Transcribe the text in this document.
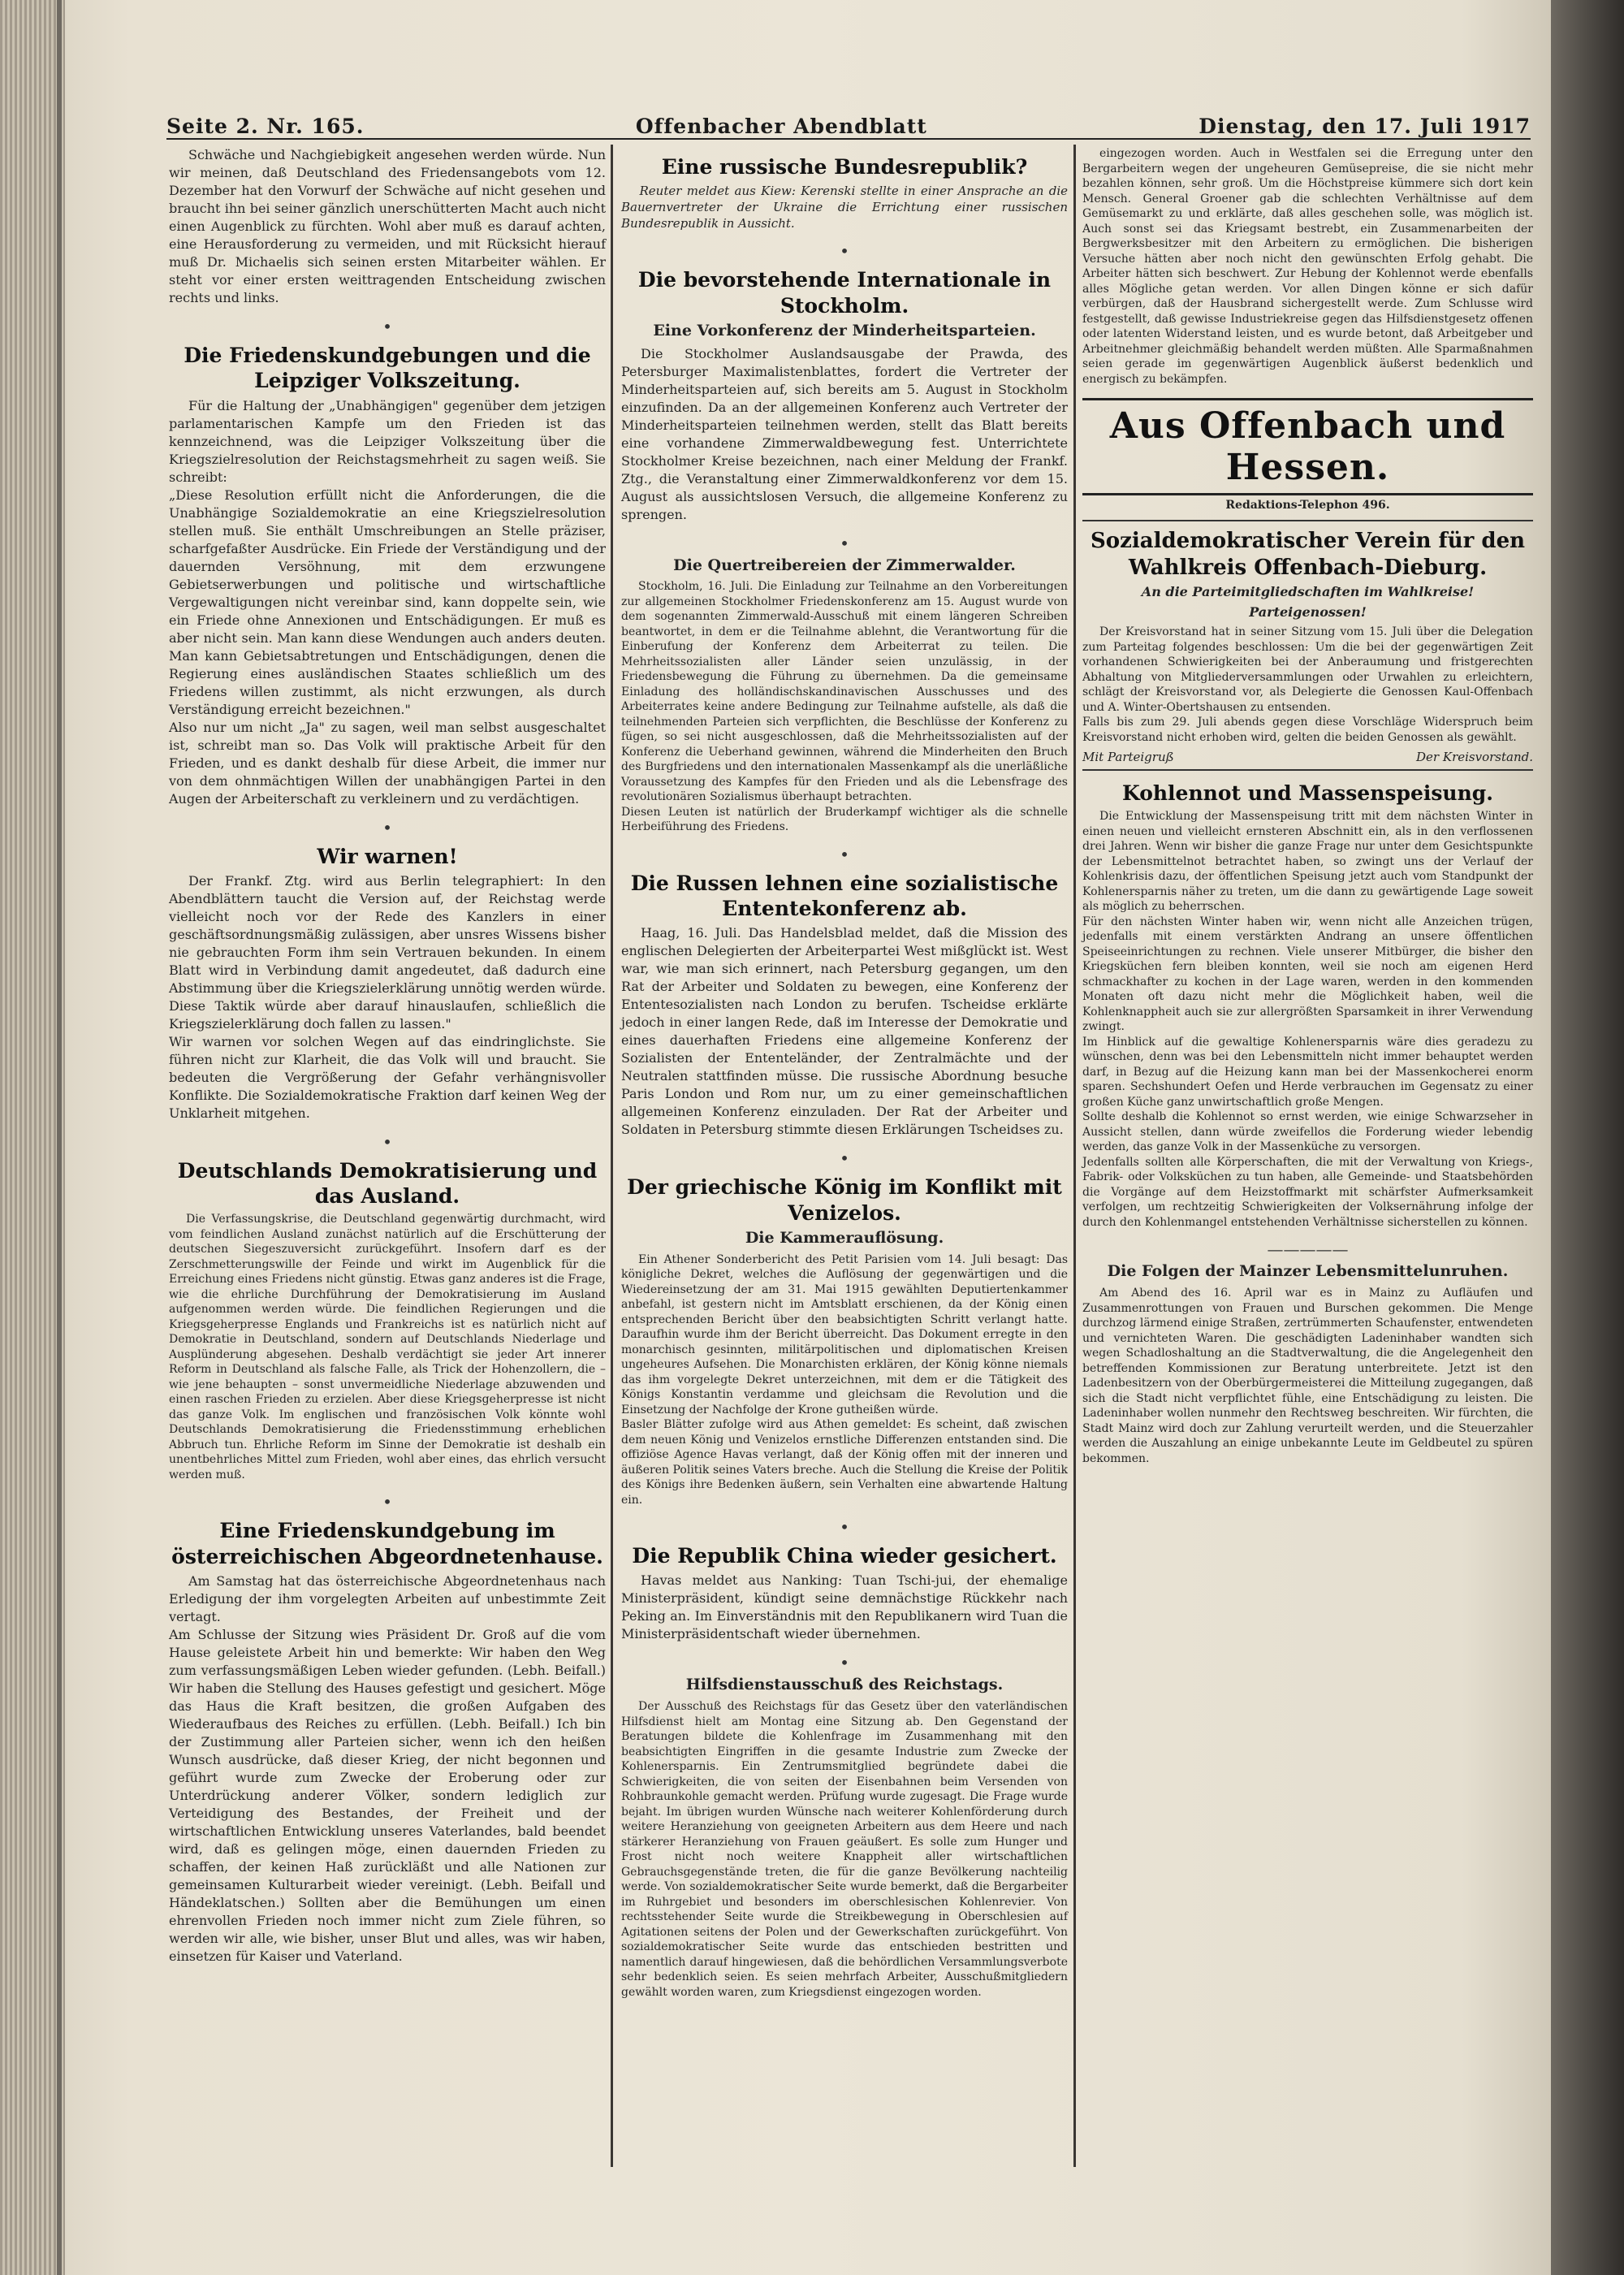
Seite 2. Nr. 165.	Offenbacher Abendblatt	Dienstag, den 17. Juli 1917

Schwäche und Nachgiebigkeit angesehen werden würde. Nun wir meinen, daß Deutschland des Friedensangebots vom 12. Dezember hat den Vorwurf der Schwäche auf nicht gesehen und braucht ihn bei seiner gänzlich unerschütterten Macht auch nicht einen Augenblick zu fürchten. Wohl aber muß es darauf achten, eine Herausforderung zu vermeiden, und mit Rücksicht hierauf muß Dr. Michaelis sich seinen ersten Mitarbeiter wählen. Er steht vor einer ersten weittragenden Entscheidung zwischen rechts und links.

•
Die Friedenskundgebungen und die Leipziger Volkszeitung.

Für die Haltung der „Unabhängigen" gegenüber dem jetzigen parlamentarischen Kampfe um den Frieden ist das kennzeichnend, was die Leipziger Volkszeitung über die Kriegszielresolution der Reichstagsmehrheit zu sagen weiß. Sie schreibt:
„Diese Resolution erfüllt nicht die Anforderungen, die die Unabhängige Sozialdemokratie an eine Kriegszielresolution stellen muß. Sie enthält Umschreibungen an Stelle präziser, scharfgefaßter Ausdrücke. Ein Friede der Verständigung und der dauernden Versöhnung, mit dem erzwungene Gebietserwerbungen und politische und wirtschaftliche Vergewaltigungen nicht vereinbar sind, kann doppelte sein, wie ein Friede ohne Annexionen und Entschädigungen. Er muß es aber nicht sein. Man kann diese Wendungen auch anders deuten. Man kann Gebietsabtretungen und Entschädigungen, denen die Regierung eines ausländischen Staates schließlich um des Friedens willen zustimmt, als nicht erzwungen, als durch Verständigung erreicht bezeichnen."
Also nur um nicht „Ja" zu sagen, weil man selbst ausgeschaltet ist, schreibt man so. Das Volk will praktische Arbeit für den Frieden, und es dankt deshalb für diese Arbeit, die immer nur von dem ohnmächtigen Willen der unabhängigen Partei in den Augen der Arbeiterschaft zu verkleinern und zu verdächtigen.

•
Wir warnen!

Der Frankf. Ztg. wird aus Berlin telegraphiert: In den Abendblättern taucht die Version auf, der Reichstag werde vielleicht noch vor der Rede des Kanzlers in einer geschäftsordnungsmäßig zulässigen, aber unsres Wissens bisher nie gebrauchten Form ihm sein Vertrauen bekunden. In einem Blatt wird in Verbindung damit angedeutet, daß dadurch eine Abstimmung über die Kriegszielerklärung unnötig werden würde. Diese Taktik würde aber darauf hinauslaufen, schließlich die Kriegszielerklärung doch fallen zu lassen."
Wir warnen vor solchen Wegen auf das eindringlichste. Sie führen nicht zur Klarheit, die das Volk will und braucht. Sie bedeuten die Vergrößerung der Gefahr verhängnisvoller Konflikte. Die Sozialdemokratische Fraktion darf keinen Weg der Unklarheit mitgehen.

•
Deutschlands Demokratisierung und das Ausland.

Die Verfassungskrise, die Deutschland gegenwärtig durchmacht, wird vom feindlichen Ausland zunächst natürlich auf die Erschütterung der deutschen Siegeszuversicht zurückgeführt. Insofern darf es der Zerschmetterungswille der Feinde und wirkt im Augenblick für die Erreichung eines Friedens nicht günstig. Etwas ganz anderes ist die Frage, wie die ehrliche Durchführung der Demokratisierung im Ausland aufgenommen werden würde. Die feindlichen Regierungen und die Kriegsgeherpresse Englands und Frankreichs ist es natürlich nicht auf Demokratie in Deutschland, sondern auf Deutschlands Niederlage und Ausplünderung abgesehen. Deshalb verdächtigt sie jeder Art innerer Reform in Deutschland als falsche Falle, als Trick der Hohenzollern, die – wie jene behaupten – sonst unvermeidliche Niederlage abzuwenden und einen raschen Frieden zu erzielen. Aber diese Kriegsgeherpresse ist nicht das ganze Volk. Im englischen und französischen Volk könnte wohl Deutschlands Demokratisierung die Friedensstimmung erheblichen Abbruch tun. Ehrliche Reform im Sinne der Demokratie ist deshalb ein unentbehrliches Mittel zum Frieden, wohl aber eines, das ehrlich versucht werden muß.

•
Eine Friedenskundgebung im österreichischen Abgeordnetenhause.

Am Samstag hat das österreichische Abgeordnetenhaus nach Erledigung der ihm vorgelegten Arbeiten auf unbestimmte Zeit vertagt.
Am Schlusse der Sitzung wies Präsident Dr. Groß auf die vom Hause geleistete Arbeit hin und bemerkte: Wir haben den Weg zum verfassungsmäßigen Leben wieder gefunden. (Lebh. Beifall.) Wir haben die Stellung des Hauses gefestigt und gesichert. Möge das Haus die Kraft besitzen, die großen Aufgaben des Wiederaufbaus des Reiches zu erfüllen. (Lebh. Beifall.) Ich bin der Zustimmung aller Parteien sicher, wenn ich den heißen Wunsch ausdrücke, daß dieser Krieg, der nicht begonnen und geführt wurde zum Zwecke der Eroberung oder zur Unterdrückung anderer Völker, sondern lediglich zur Verteidigung des Bestandes, der Freiheit und der wirtschaftlichen Entwicklung unseres Vaterlandes, bald beendet wird, daß es gelingen möge, einen dauernden Frieden zu schaffen, der keinen Haß zurückläßt und alle Nationen zur gemeinsamen Kulturarbeit wieder vereinigt. (Lebh. Beifall und Händeklatschen.) Sollten aber die Bemühungen um einen ehrenvollen Frieden noch immer nicht zum Ziele führen, so werden wir alle, wie bisher, unser Blut und alles, was wir haben, einsetzen für Kaiser und Vaterland.

Eine russische Bundesrepublik?

Reuter meldet aus Kiew: Kerenski stellte in einer Ansprache an die Bauernvertreter der Ukraine die Errichtung einer russischen Bundesrepublik in Aussicht.

•
Die bevorstehende Internationale in Stockholm.
Eine Vorkonferenz der Minderheitsparteien.

Die Stockholmer Auslandsausgabe der Prawda, des Petersburger Maximalistenblattes, fordert die Vertreter der Minderheitsparteien auf, sich bereits am 5. August in Stockholm einzufinden. Da an der allgemeinen Konferenz auch Vertreter der Minderheitsparteien teilnehmen werden, stellt das Blatt bereits eine vorhandene Zimmerwaldbewegung fest. Unterrichtete Stockholmer Kreise bezeichnen, nach einer Meldung der Frankf. Ztg., die Veranstaltung einer Zimmerwaldkonferenz vor dem 15. August als aussichtslosen Versuch, die allgemeine Konferenz zu sprengen.

•
Die Quertreibereien der Zimmerwalder.

Stockholm, 16. Juli. Die Einladung zur Teilnahme an den Vorbereitungen zur allgemeinen Stockholmer Friedenskonferenz am 15. August wurde von dem sogenannten Zimmerwald-Ausschuß mit einem längeren Schreiben beantwortet, in dem er die Teilnahme ablehnt, die Verantwortung für die Einberufung der Konferenz dem Arbeiterrat zu teilen. Die Mehrheitssozialisten aller Länder seien unzulässig, in der Friedensbewegung die Führung zu übernehmen. Da die gemeinsame Einladung des holländischskandinavischen Ausschusses und des Arbeiterrates keine andere Bedingung zur Teilnahme aufstelle, als daß die teilnehmenden Parteien sich verpflichten, die Beschlüsse der Konferenz zu fügen, so sei nicht ausgeschlossen, daß die Mehrheitssozialisten auf der Konferenz die Ueberhand gewinnen, während die Minderheiten den Bruch des Burgfriedens und den internationalen Massenkampf als die unerläßliche Voraussetzung des Kampfes für den Frieden und als die Lebensfrage des revolutionären Sozialismus überhaupt betrachten.
Diesen Leuten ist natürlich der Bruderkampf wichtiger als die schnelle Herbeiführung des Friedens.

•
Die Russen lehnen eine sozialistische Ententekonferenz ab.

Haag, 16. Juli. Das Handelsblad meldet, daß die Mission des englischen Delegierten der Arbeiterpartei West mißglückt ist. West war, wie man sich erinnert, nach Petersburg gegangen, um den Rat der Arbeiter und Soldaten zu bewegen, eine Konferenz der Ententesozialisten nach London zu berufen. Tscheidse erklärte jedoch in einer langen Rede, daß im Interesse der Demokratie und eines dauerhaften Friedens eine allgemeine Konferenz der Sozialisten der Ententeländer, der Zentralmächte und der Neutralen stattfinden müsse. Die russische Abordnung besuche Paris London und Rom nur, um zu einer gemeinschaftlichen allgemeinen Konferenz einzuladen. Der Rat der Arbeiter und Soldaten in Petersburg stimmte diesen Erklärungen Tscheidses zu.

•
Der griechische König im Konflikt mit Venizelos.
Die Kammerauflösung.

Ein Athener Sonderbericht des Petit Parisien vom 14. Juli besagt: Das königliche Dekret, welches die Auflösung der gegenwärtigen und die Wiedereinsetzung der am 31. Mai 1915 gewählten Deputiertenkammer anbefahl, ist gestern nicht im Amtsblatt erschienen, da der König einen entsprechenden Bericht über den beabsichtigten Schritt verlangt hatte. Daraufhin wurde ihm der Bericht überreicht. Das Dokument erregte in den monarchisch gesinnten, militärpolitischen und diplomatischen Kreisen ungeheures Aufsehen. Die Monarchisten erklären, der König könne niemals das ihm vorgelegte Dekret unterzeichnen, mit dem er die Tätigkeit des Königs Konstantin verdamme und gleichsam die Revolution und die Einsetzung der Nachfolge der Krone gutheißen würde.
Basler Blätter zufolge wird aus Athen gemeldet: Es scheint, daß zwischen dem neuen König und Venizelos ernstliche Differenzen entstanden sind. Die offiziöse Agence Havas verlangt, daß der König offen mit der inneren und äußeren Politik seines Vaters breche. Auch die Stellung die Kreise der Politik des Königs ihre Bedenken äußern, sein Verhalten eine abwartende Haltung ein.

•
Die Republik China wieder gesichert.

Havas meldet aus Nanking: Tuan Tschi-jui, der ehemalige Ministerpräsident, kündigt seine demnächstige Rückkehr nach Peking an. Im Einverständnis mit den Republikanern wird Tuan die Ministerpräsidentschaft wieder übernehmen.

•
Hilfsdienstausschuß des Reichstags.

Der Ausschuß des Reichstags für das Gesetz über den vaterländischen Hilfsdienst hielt am Montag eine Sitzung ab. Den Gegenstand der Beratungen bildete die Kohlenfrage im Zusammenhang mit den beabsichtigten Eingriffen in die gesamte Industrie zum Zwecke der Kohlenersparnis. Ein Zentrumsmitglied begründete dabei die Schwierigkeiten, die von seiten der Eisenbahnen beim Versenden von Rohbraunkohle gemacht werden. Prüfung wurde zugesagt. Die Frage wurde bejaht. Im übrigen wurden Wünsche nach weiterer Kohlenförderung durch weitere Heranziehung von geeigneten Arbeitern aus dem Heere und nach stärkerer Heranziehung von Frauen geäußert. Es solle zum Hunger und Frost nicht noch weitere Knappheit aller wirtschaftlichen Gebrauchsgegenstände treten, die für die ganze Bevölkerung nachteilig werde. Von sozialdemokratischer Seite wurde bemerkt, daß die Bergarbeiter im Ruhrgebiet und besonders im oberschlesischen Kohlenrevier. Von rechtsstehender Seite wurde die Streikbewegung in Oberschlesien auf Agitationen seitens der Polen und der Gewerkschaften zurückgeführt. Von sozialdemokratischer Seite wurde das entschieden bestritten und namentlich darauf hingewiesen, daß die behördlichen Versammlungsverbote sehr bedenklich seien. Es seien mehrfach Arbeiter, Ausschußmitgliedern gewählt worden waren, zum Kriegsdienst eingezogen worden.

eingezogen worden. Auch in Westfalen sei die Erregung unter den Bergarbeitern wegen der ungeheuren Gemüsepreise, die sie nicht mehr bezahlen können, sehr groß. Um die Höchstpreise kümmere sich dort kein Mensch. General Groener gab die schlechten Verhältnisse auf dem Gemüsemarkt zu und erklärte, daß alles geschehen solle, was möglich ist. Auch sonst sei das Kriegsamt bestrebt, ein Zusammenarbeiten der Bergwerksbesitzer mit den Arbeitern zu ermöglichen. Die bisherigen Versuche hätten aber noch nicht den gewünschten Erfolg gehabt. Die Arbeiter hätten sich beschwert. Zur Hebung der Kohlennot werde ebenfalls alles Mögliche getan werden. Vor allen Dingen könne er sich dafür verbürgen, daß der Hausbrand sichergestellt werde. Zum Schlusse wird festgestellt, daß gewisse Industriekreise gegen das Hilfsdienstgesetz offenen oder latenten Widerstand leisten, und es wurde betont, daß Arbeitgeber und Arbeitnehmer gleichmäßig behandelt werden müßten. Alle Sparmaßnahmen seien gerade im gegenwärtigen Augenblick äußerst bedenklich und energisch zu bekämpfen.

Aus Offenbach und Hessen.
Redaktions-Telephon 496.
Sozialdemokratischer Verein für den Wahlkreis Offenbach-Dieburg.
An die Parteimitgliedschaften im Wahlkreise!
Parteigenossen!

Der Kreisvorstand hat in seiner Sitzung vom 15. Juli über die Delegation zum Parteitag folgendes beschlossen: Um die bei der gegenwärtigen Zeit vorhandenen Schwierigkeiten bei der Anberaumung und fristgerechten Abhaltung von Mitgliederversammlungen oder Urwahlen zu erleichtern, schlägt der Kreisvorstand vor, als Delegierte die Genossen Kaul-Offenbach und A. Winter-Obertshausen zu entsenden.
Falls bis zum 29. Juli abends gegen diese Vorschläge Widerspruch beim Kreisvorstand nicht erhoben wird, gelten die beiden Genossen als gewählt.

Mit Parteigruß	Der Kreisvorstand.
Kohlennot und Massenspeisung.

Die Entwicklung der Massenspeisung tritt mit dem nächsten Winter in einen neuen und vielleicht ernsteren Abschnitt ein, als in den verflossenen drei Jahren. Wenn wir bisher die ganze Frage nur unter dem Gesichtspunkte der Lebensmittelnot betrachtet haben, so zwingt uns der Verlauf der Kohlenkrisis dazu, der öffentlichen Speisung jetzt auch vom Standpunkt der Kohlenersparnis näher zu treten, um die dann zu gewärtigende Lage soweit als möglich zu beherrschen.
Für den nächsten Winter haben wir, wenn nicht alle Anzeichen trügen, jedenfalls mit einem verstärkten Andrang an unsere öffentlichen Speiseeinrichtungen zu rechnen. Viele unserer Mitbürger, die bisher den Kriegsküchen fern bleiben konnten, weil sie noch am eigenen Herd schmackhafter zu kochen in der Lage waren, werden in den kommenden Monaten oft dazu nicht mehr die Möglichkeit haben, weil die Kohlenknappheit auch sie zur allergrößten Sparsamkeit in ihrer Verwendung zwingt.
Im Hinblick auf die gewaltige Kohlenersparnis wäre dies geradezu zu wünschen, denn was bei den Lebensmitteln nicht immer behauptet werden darf, in Bezug auf die Heizung kann man bei der Massenkocherei enorm sparen. Sechshundert Oefen und Herde verbrauchen im Gegensatz zu einer großen Küche ganz unwirtschaftlich große Mengen.
Sollte deshalb die Kohlennot so ernst werden, wie einige Schwarzseher in Aussicht stellen, dann würde zweifellos die Forderung wieder lebendig werden, das ganze Volk in der Massenküche zu versorgen.
Jedenfalls sollten alle Körperschaften, die mit der Verwaltung von Kriegs-, Fabrik- oder Volksküchen zu tun haben, alle Gemeinde- und Staatsbehörden die Vorgänge auf dem Heizstoffmarkt mit schärfster Aufmerksamkeit verfolgen, um rechtzeitig Schwierigkeiten der Volksernährung infolge der durch den Kohlenmangel entstehenden Verhältnisse sicherstellen zu können.

—————
Die Folgen der Mainzer Lebensmittelunruhen.

Am Abend des 16. April war es in Mainz zu Aufläufen und Zusammenrottungen von Frauen und Burschen gekommen. Die Menge durchzog lärmend einige Straßen, zertrümmerten Schaufenster, entwendeten und vernichteten Waren. Die geschädigten Ladeninhaber wandten sich wegen Schadloshaltung an die Stadtverwaltung, die die Angelegenheit den betreffenden Kommissionen zur Beratung unterbreitete. Jetzt ist den Ladenbesitzern von der Oberbürgermeisterei die Mitteilung zugegangen, daß sich die Stadt nicht verpflichtet fühle, eine Entschädigung zu leisten. Die Ladeninhaber wollen nunmehr den Rechtsweg beschreiten. Wir fürchten, die Stadt Mainz wird doch zur Zahlung verurteilt werden, und die Steuerzahler werden die Auszahlung an einige unbekannte Leute im Geldbeutel zu spüren bekommen.
